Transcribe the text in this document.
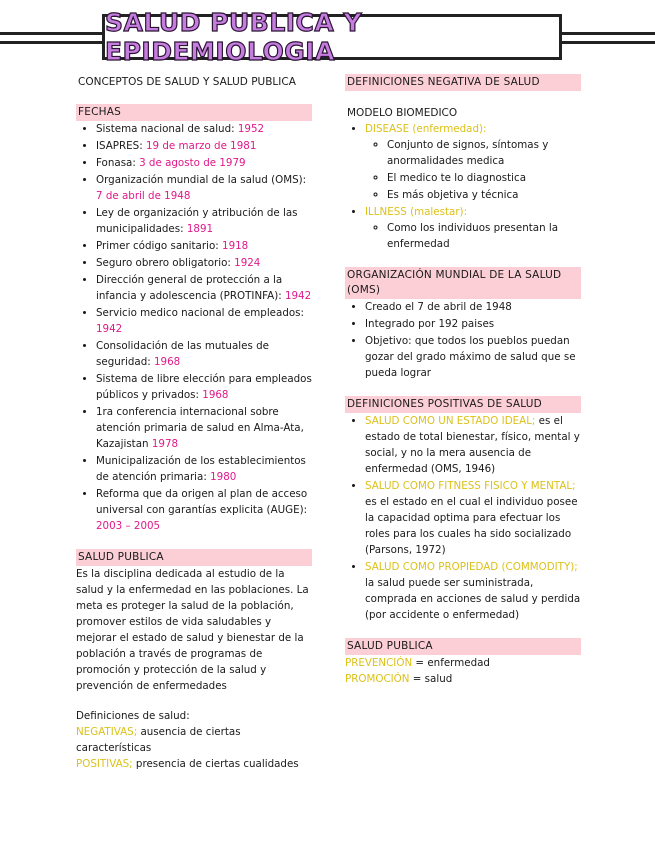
SALUD PUBLICA Y EPIDEMIOLOGIA

CONCEPTOS DE SALUD Y SALUD PUBLICA

FECHAS
• Sistema nacional de salud: 1952
• ISAPRES: 19 de marzo de 1981
• Fonasa: 3 de agosto de 1979
• Organización mundial de la salud (OMS): 7 de abril de 1948
• Ley de organización y atribución de las municipalidades: 1891
• Primer código sanitario: 1918
• Seguro obrero obligatorio: 1924
• Dirección general de protección a la infancia y adolescencia (PROTINFA): 1942
• Servicio medico nacional de empleados: 1942
• Consolidación de las mutuales de seguridad: 1968
• Sistema de libre elección para empleados públicos y privados: 1968
• 1ra conferencia internacional sobre atención primaria de salud en Alma-Ata, Kazajistan 1978
• Municipalización de los establecimientos de atención primaria: 1980
• Reforma que da origen al plan de acceso universal con garantías explicita (AUGE): 2003 – 2005
SALUD PUBLICA

Es la disciplina dedicada al estudio de la salud y la enfermedad en las poblaciones. La meta es proteger la salud de la población, promover estilos de vida saludables y mejorar el estado de salud y bienestar de la población a través de programas de promoción y protección de la salud y prevención de enfermedades

Definiciones de salud:

NEGATIVAS; ausencia de ciertas características

POSITIVAS; presencia de ciertas cualidades

DEFINICIONES NEGATIVA DE SALUD

MODELO BIOMEDICO

• DISEASE (enfermedad):
◦ Conjunto de signos, síntomas y anormalidades medica
◦ El medico te lo diagnostica
◦ Es más objetiva y técnica
• ILLNESS (malestar):
◦ Como los individuos presentan la enfermedad
ORGANIZACIÓN MUNDIAL DE LA SALUD (OMS)
• Creado el 7 de abril de 1948
• Integrado por 192 paises
• Objetivo: que todos los pueblos puedan gozar del grado máximo de salud que se pueda lograr
DEFINICIONES POSITIVAS DE SALUD
• SALUD COMO UN ESTADO IDEAL; es el estado de total bienestar, físico, mental y social, y no la mera ausencia de enfermedad (OMS, 1946)
• SALUD COMO FITNESS FISICO Y MENTAL; es el estado en el cual el individuo posee la capacidad optima para efectuar los roles para los cuales ha sido socializado (Parsons, 1972)
• SALUD COMO PROPIEDAD (COMMODITY); la salud puede ser suministrada, comprada en acciones de salud y perdida (por accidente o enfermedad)
SALUD PUBLICA

PREVENCIÓN = enfermedad

PROMOCIÓN = salud
